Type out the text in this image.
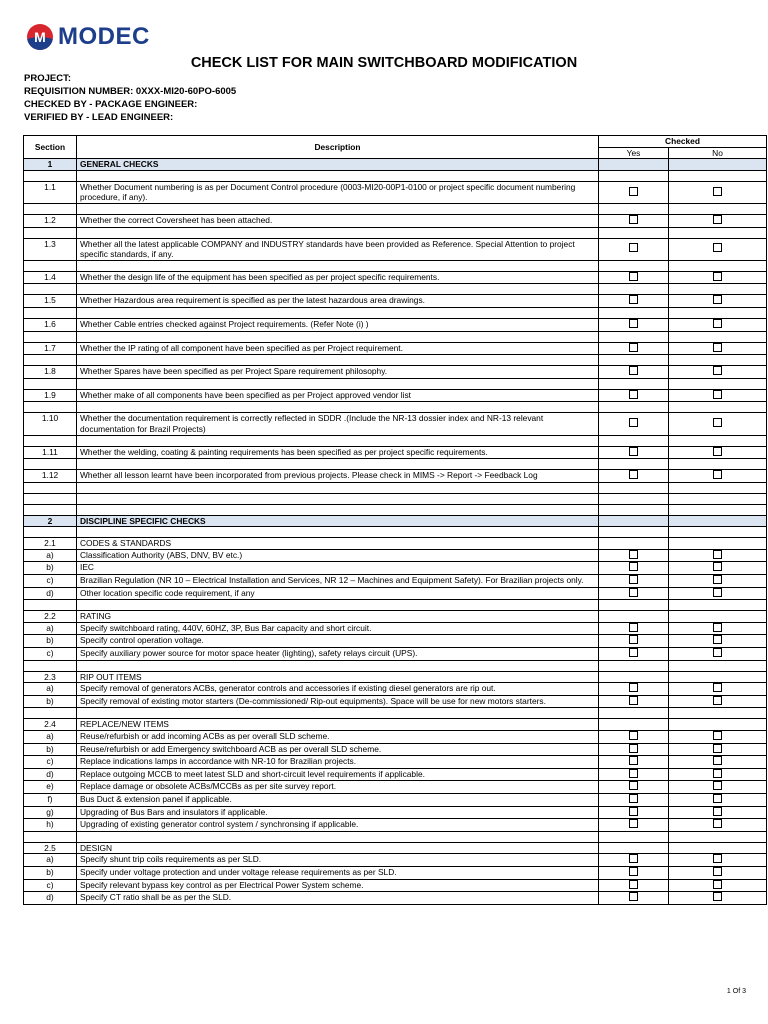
M MODEC
CHECK LIST FOR MAIN SWITCHBOARD MODIFICATION
PROJECT:
REQUISITION NUMBER: 0XXX-MI20-60PO-6005
CHECKED BY - PACKAGE ENGINEER:
VERIFIED BY - LEAD ENGINEER:
Section	Description	Checked	
		Yes	No
1	GENERAL CHECKS		

1.1	Whether Document numbering is as per Document Control procedure (0003-MI20-00P1-0100 or project specific document numbering procedure, if any).		

1.2	Whether the correct Coversheet has been attached.		

1.3	Whether all the latest applicable COMPANY and INDUSTRY standards have been provided as Reference. Special Attention to project specific standards, if any.		

1.4	Whether the design life of the equipment has been specified as per project specific requirements.		

1.5	Whether Hazardous area requirement is specified as per the latest hazardous area drawings.		

1.6	Whether Cable entries checked against Project requirements. (Refer Note (i) )		

1.7	Whether the IP rating of all component have been specified as per Project requirement.		

1.8	Whether Spares have been specified as per Project Spare requirement philosophy.		

1.9	Whether make of all components have been specified as per Project approved vendor list		

1.10	Whether the documentation requirement is correctly reflected in SDDR .(Include the NR-13 dossier index and NR-13 relevant documentation for Brazil Projects)		

1.11	Whether the welding, coating & painting requirements has been specified as per project specific requirements.		

1.12	Whether all lesson learnt have been incorporated from previous projects. Please check in MIMS -> Report -> Feedback Log		

2	DISCIPLINE SPECIFIC CHECKS		

2.1	CODES & STANDARDS		
a)	Classification Authority (ABS, DNV, BV etc.)		
b)	IEC		
c)	Brazilian Regulation (NR 10 – Electrical Installation and Services, NR 12 – Machines and Equipment Safety). For Brazilian projects only.		
d)	Other location specific code requirement, if any		

2.2	RATING		
a)	Specify switchboard rating, 440V, 60HZ, 3P, Bus Bar capacity and short circuit.		
b)	Specify control operation voltage.		
c)	Specify auxiliary power source for motor space heater (lighting), safety relays circuit (UPS).		

2.3	RIP OUT ITEMS		
a)	Specify removal of generators ACBs, generator controls and accessories if existing diesel generators are rip out.		
b)	Specify removal of existing motor starters (De-commissioned/ Rip-out equipments). Space will be use for new motors starters.		

2.4	REPLACE/NEW ITEMS		
a)	Reuse/refurbish or add incoming ACBs as per overall SLD scheme.		
b)	Reuse/refurbish or add Emergency switchboard ACB as per overall SLD scheme.		
c)	Replace indications lamps in accordance with NR-10 for Brazilian projects.		
d)	Replace outgoing MCCB to meet latest SLD and short-circuit level requirements if applicable.		
e)	Replace damage or obsolete ACBs/MCCBs as per site survey report.		
f)	Bus Duct & extension panel if applicable.		
g)	Upgrading of Bus Bars and insulators if applicable.		
h)	Upgrading of existing generator control system / synchronsing if applicable.		

2.5	DESIGN		
a)	Specify shunt trip coils requirements as per SLD.		
b)	Specify under voltage protection and under voltage release requirements as per SLD.		
c)	Specify relevant bypass key control as per Electrical Power System scheme.		
d)	Specify CT ratio shall be as per the SLD.		
1 Of 3
